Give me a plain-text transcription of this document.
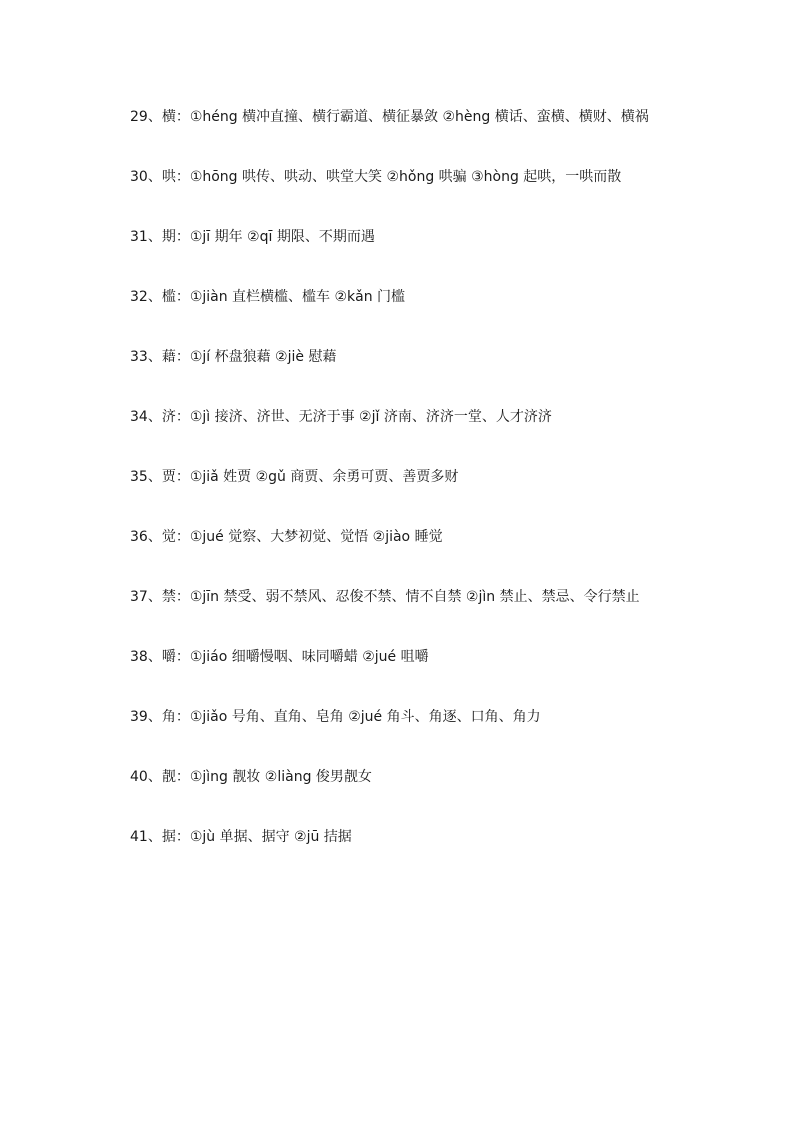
29、横：①héng 横冲直撞、横行霸道、横征暴敛 ②hèng 横话、蛮横、横财、横祸

30、哄：①hōng 哄传、哄动、哄堂大笑 ②hǒng 哄骗 ③hòng 起哄，一哄而散

31、期：①jī 期年 ②qī 期限、不期而遇

32、槛：①jiàn 直栏横槛、槛车 ②kǎn 门槛

33、藉：①jí 杯盘狼藉 ②jiè 慰藉

34、济：①jì 接济、济世、无济于事 ②jǐ 济南、济济一堂、人才济济

35、贾：①jiǎ 姓贾 ②gǔ 商贾、余勇可贾、善贾多财

36、觉：①jué 觉察、大梦初觉、觉悟 ②jiào 睡觉

37、禁：①jīn 禁受、弱不禁风、忍俊不禁、情不自禁 ②jìn 禁止、禁忌、令行禁止

38、嚼：①jiáo 细嚼慢咽、味同嚼蜡 ②jué 咀嚼

39、角：①jiǎo 号角、直角、皂角 ②jué 角斗、角逐、口角、角力

40、靓：①jìng 靓妆 ②liàng 俊男靓女

41、据：①jù 单据、据守 ②jū 拮据
